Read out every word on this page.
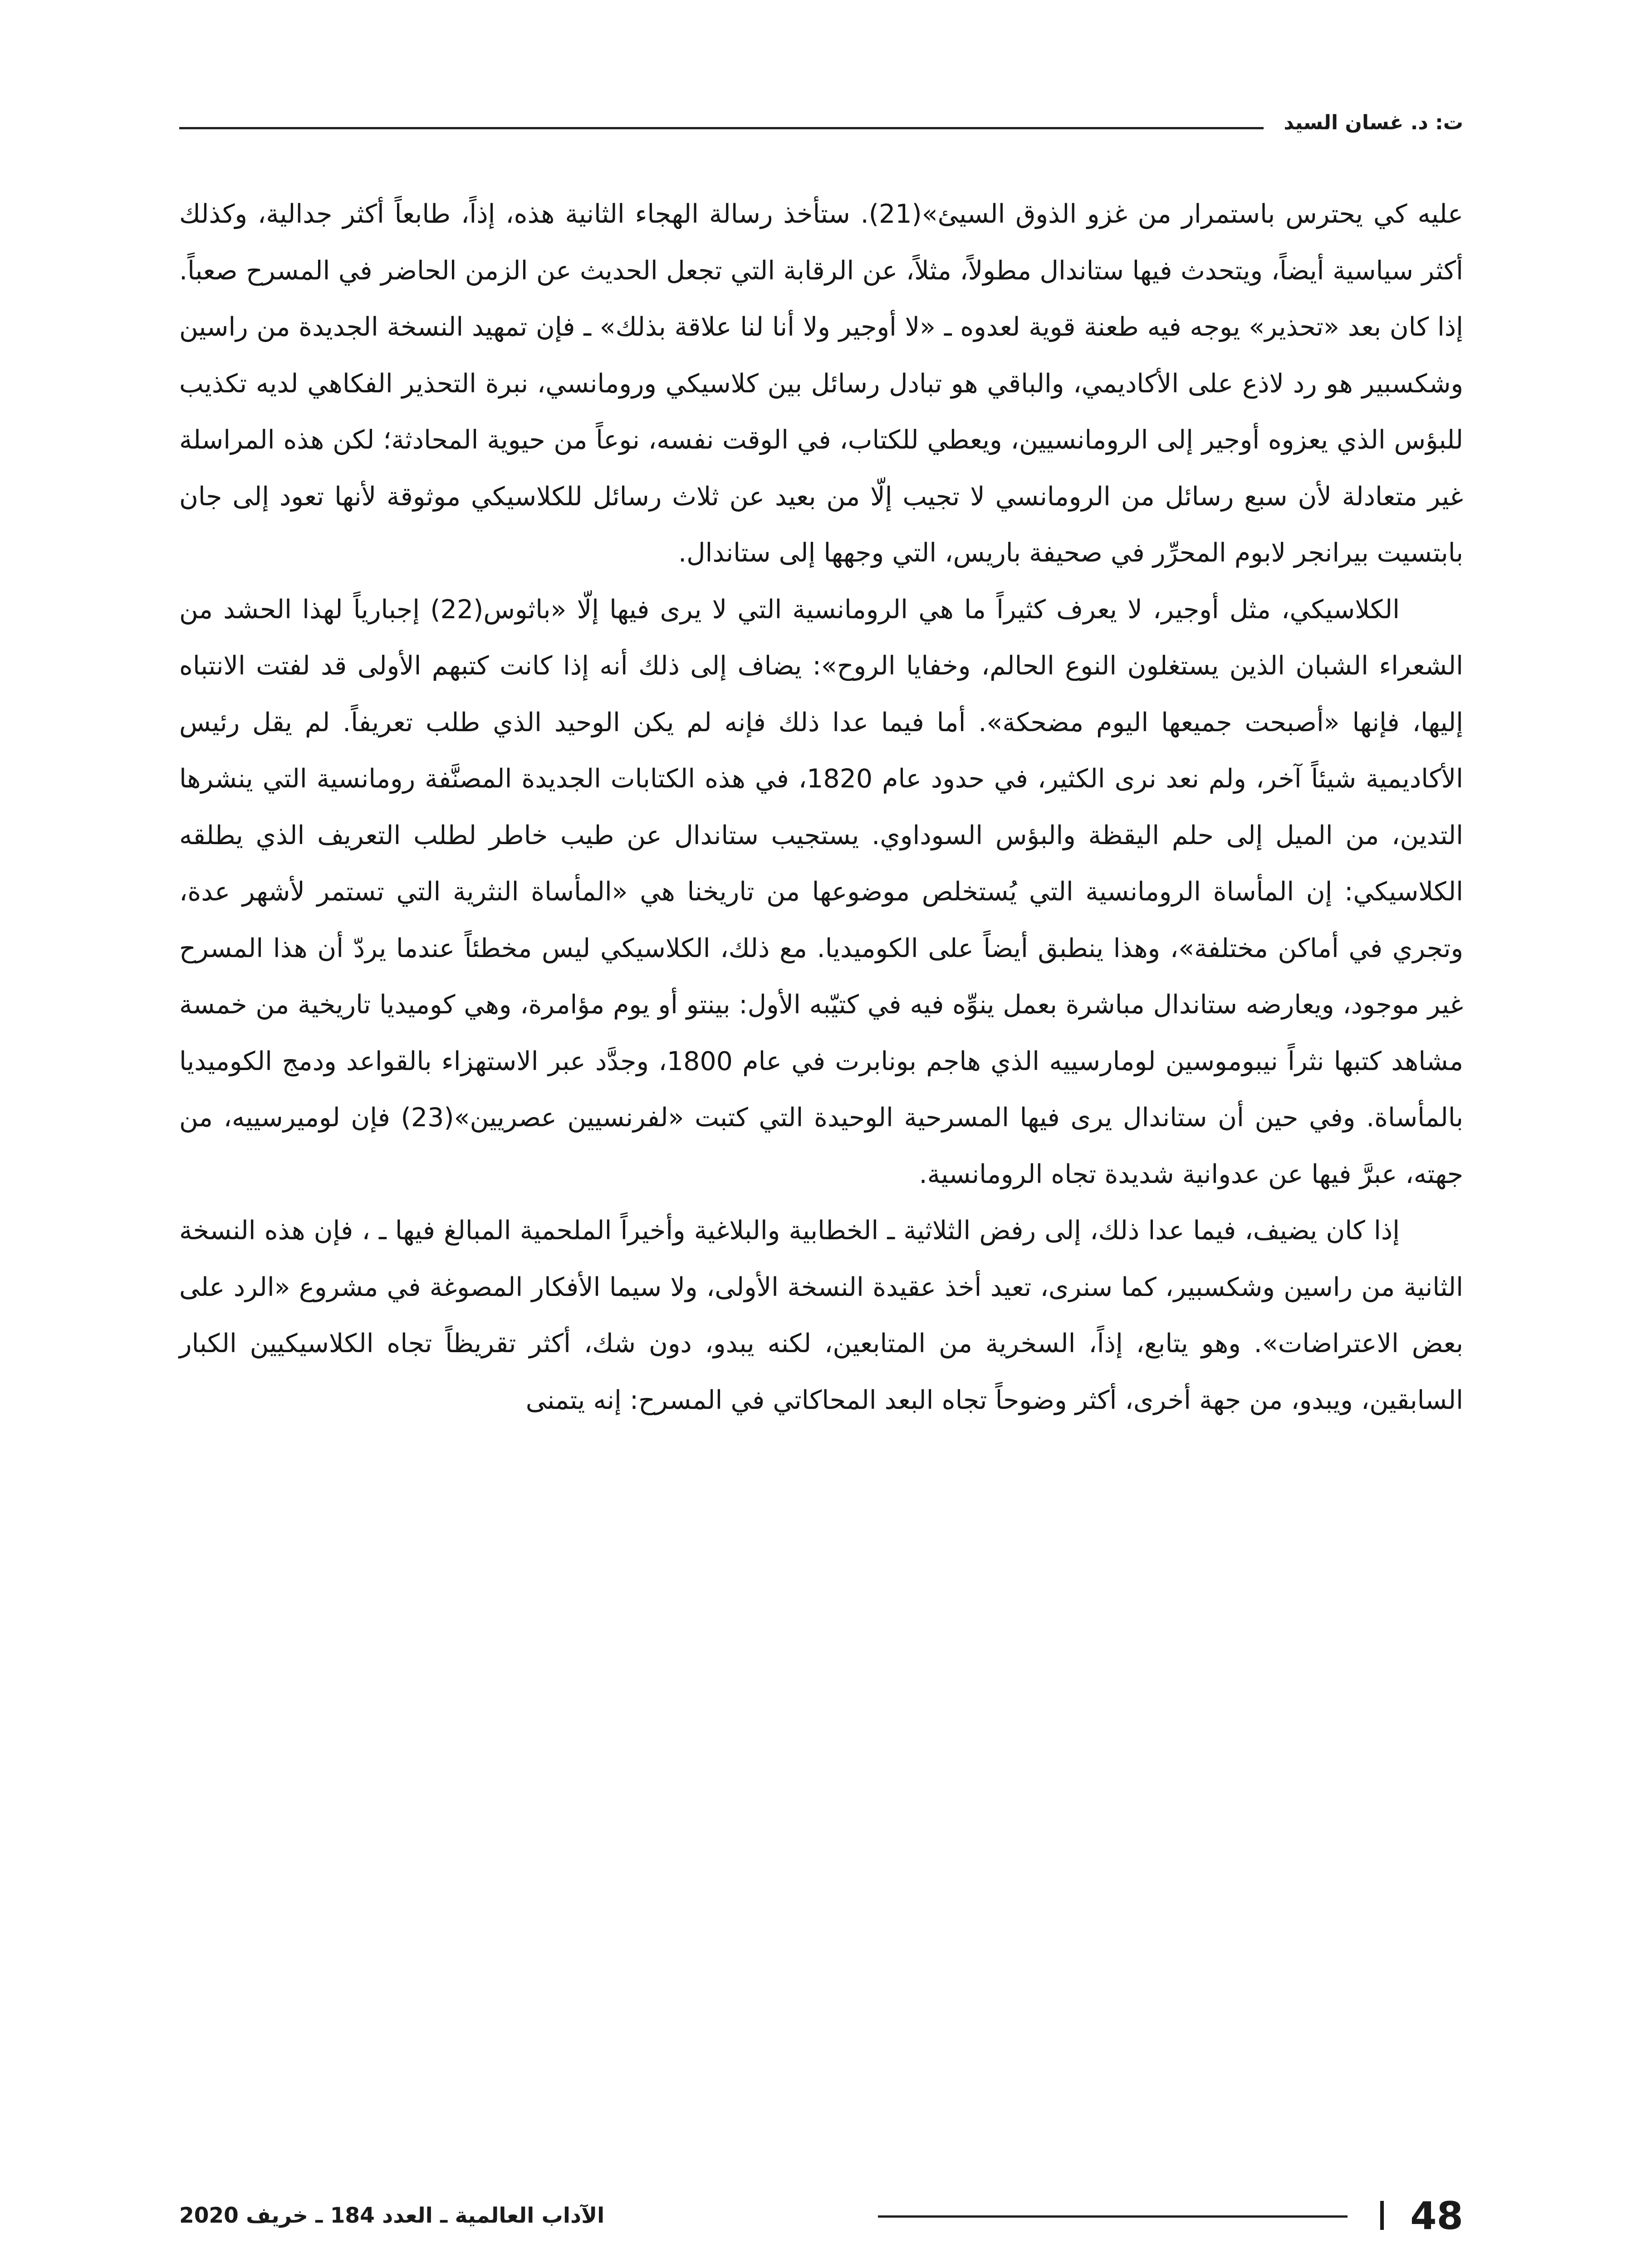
ت: د. غسان السيد

عليه كي يحترس باستمرار من غزو الذوق السيئ»(21). ستأخذ رسالة الهجاء الثانية هذه، إذاً، طابعاً أكثر جدالية، وكذلك أكثر سياسية أيضاً، ويتحدث فيها ستاندال مطولاً، مثلاً، عن الرقابة التي تجعل الحديث عن الزمن الحاضر في المسرح صعباً. إذا كان بعد «تحذير» يوجه فيه طعنة قوية لعدوه ـ «لا أوجير ولا أنا لنا علاقة بذلك» ـ فإن تمهيد النسخة الجديدة من راسين وشكسبير هو رد لاذع على الأكاديمي، والباقي هو تبادل رسائل بين كلاسيكي ورومانسي، نبرة التحذير الفكاهي لديه تكذيب للبؤس الذي يعزوه أوجير إلى الرومانسيين، ويعطي للكتاب، في الوقت نفسه، نوعاً من حيوية المحادثة؛ لكن هذه المراسلة غير متعادلة لأن سبع رسائل من الرومانسي لا تجيب إلّا من بعيد عن ثلاث رسائل للكلاسيكي موثوقة لأنها تعود إلى جان بابتسيت بيرانجر لابوم المحرِّر في صحيفة باريس، التي وجهها إلى ستاندال.

الكلاسيكي، مثل أوجير، لا يعرف كثيراً ما هي الرومانسية التي لا يرى فيها إلّا «باثوس(22) إجبارياً لهذا الحشد من الشعراء الشبان الذين يستغلون النوع الحالم، وخفايا الروح»: يضاف إلى ذلك أنه إذا كانت كتبهم الأولى قد لفتت الانتباه إليها، فإنها «أصبحت جميعها اليوم مضحكة». أما فيما عدا ذلك فإنه لم يكن الوحيد الذي طلب تعريفاً. لم يقل رئيس الأكاديمية شيئاً آخر، ولم نعد نرى الكثير، في حدود عام 1820، في هذه الكتابات الجديدة المصنَّفة رومانسية التي ينشرها التدين، من الميل إلى حلم اليقظة والبؤس السوداوي. يستجيب ستاندال عن طيب خاطر لطلب التعريف الذي يطلقه الكلاسيكي: إن المأساة الرومانسية التي يُستخلص موضوعها من تاريخنا هي «المأساة النثرية التي تستمر لأشهر عدة، وتجري في أماكن مختلفة»، وهذا ينطبق أيضاً على الكوميديا. مع ذلك، الكلاسيكي ليس مخطئاً عندما يردّ أن هذا المسرح غير موجود، ويعارضه ستاندال مباشرة بعمل ينوِّه فيه في كتيّبه الأول: بينتو أو يوم مؤامرة، وهي كوميديا تاريخية من خمسة مشاهد كتبها نثراً نيبوموسين لومارسييه الذي هاجم بونابرت في عام 1800، وجدَّد عبر الاستهزاء بالقواعد ودمج الكوميديا بالمأساة. وفي حين أن ستاندال يرى فيها المسرحية الوحيدة التي كتبت «لفرنسيين عصريين»(23) فإن لوميرسييه، من جهته، عبرَّ فيها عن عدوانية شديدة تجاه الرومانسية.

إذا كان يضيف، فيما عدا ذلك، إلى رفض الثلاثية ـ الخطابية والبلاغية وأخيراً الملحمية المبالغ فيها ـ ، فإن هذه النسخة الثانية من راسين وشكسبير، كما سنرى، تعيد أخذ عقيدة النسخة الأولى، ولا سيما الأفكار المصوغة في مشروع «الرد على بعض الاعتراضات». وهو يتابع، إذاً، السخرية من المتابعين، لكنه يبدو، دون شك، أكثر تقريظاً تجاه الكلاسيكيين الكبار السابقين، ويبدو، من جهة أخرى، أكثر وضوحاً تجاه البعد المحاكاتي في المسرح: إنه يتمنى

48
الآداب العالمية ـ العدد 184 ـ خريف 2020
